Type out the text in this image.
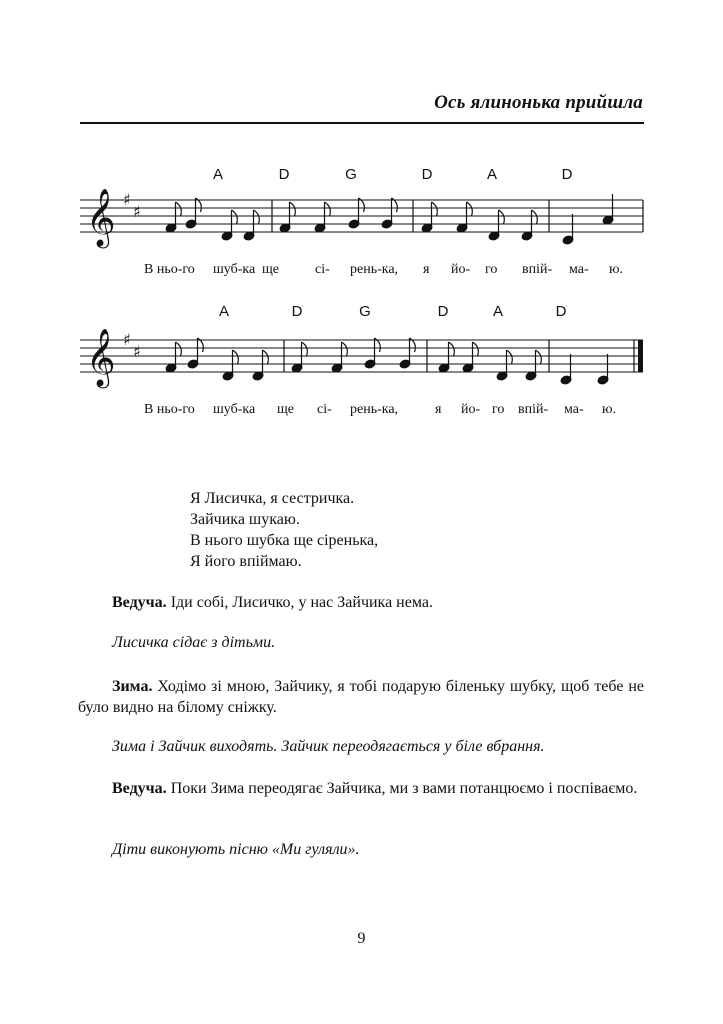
Ось ялинонька прийшла
A	D	G	D	A	D
𝄞 ♯
♯
В ньо-го шуб-ка ще	сі- рень-ка, я йо- го впій- ма- ю.
A	D	G	D	A	D
𝄞 ♯
♯
В ньо-го шуб-ка ще сі- рень-ка,	я йо- го впій- ма- ю.
Я Лисичка, я сестричка.
Зайчика шукаю.
В нього шубка ще сіренька,
Я його впіймаю.
Ведуча. Іди собі, Лисичко, у нас Зайчика нема.
Лисичка сідає з дітьми.
Зима. Ходімо зі мною, Зайчику, я тобі подарую біленьку шубку, щоб тебе не було видно на білому сніжку.
Зима і Зайчик виходять. Зайчик переодягається у біле вбрання.
Ведуча. Поки Зима переодягає Зайчика, ми з вами потанцюємо і поспіваємо.
Діти виконують пісню «Ми гуляли».
9
